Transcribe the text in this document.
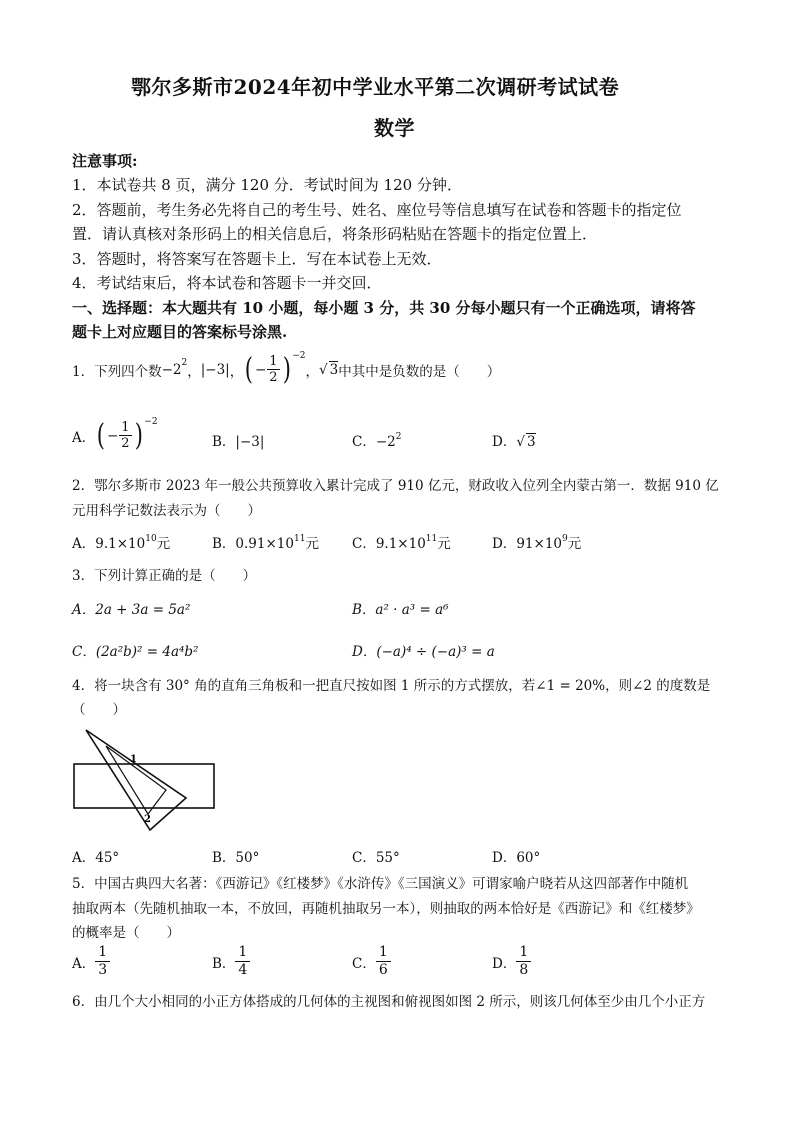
鄂尔多斯市2024年初中学业水平第二次调研考试试卷
数学
注意事项:
1．本试卷共 8 页，满分 120 分．考试时间为 120 分钟．
2．答题前，考生务必先将自己的考生号、姓名、座位号等信息填写在试卷和答题卡的指定位
置．请认真核对条形码上的相关信息后，将条形码粘贴在答题卡的指定位置上．
3．答题时，将答案写在答题卡上．写在本试卷上无效．
4．考试结束后，将本试卷和答题卡一并交回．
一、选择题：本大题共有 10 小题，每小题 3 分，共 30 分每小题只有一个正确选项，请将答
题卡上对应题目的答案标号涂黑.
1．下列四个数 −2 2
， |−3| ， ( − $\frac{1}{2}$ ) −2
， √ 3 中其中是负数的是（　　）
A． ( − $\frac{1}{2}$ ) −2
B．|−3|	C．$-2^2$	D．√ 3
2．鄂尔多斯市 2023 年一般公共预算收入累计完成了 910 亿元，财政收入位列全内蒙古第一．数据 910 亿
元用科学记数法表示为（　　）
A．$9.1\times 10^{10}$元	B．$0.91\times 10^{11}$元 C．$9.1\times 10^{11}$元	D．$91\times 10^9$元
3．下列计算正确的是（　　）
A．2a + 3a = 5a²	B．a² · a³ = a⁶
C．(2a²b)² = 4a⁴b²	D．(−a)⁴ ÷ (−a)³ = a
4．将一块含有 30° 角的直角三角板和一把直尺按如图 1 所示的方式摆放，若∠1 = 20%，则∠2 的度数是
（　　）
1
2
A．45°	B．50°	C．55°	D．60°
5．中国古典四大名著：《西游记》《红楼梦》《水浒传》《三国演义》可谓家喻户晓若从这四部著作中随机
抽取两本（先随机抽取一本，不放回，再随机抽取另一本），则抽取的两本恰好是《西游记》和《红楼梦》
的概率是（　　）
A．
1
3	B．
1
4	C．
1
6	D．
1
8
6．由几个大小相同的小正方体搭成的几何体的主视图和俯视图如图 2 所示，则该几何体至少由几个小正方
